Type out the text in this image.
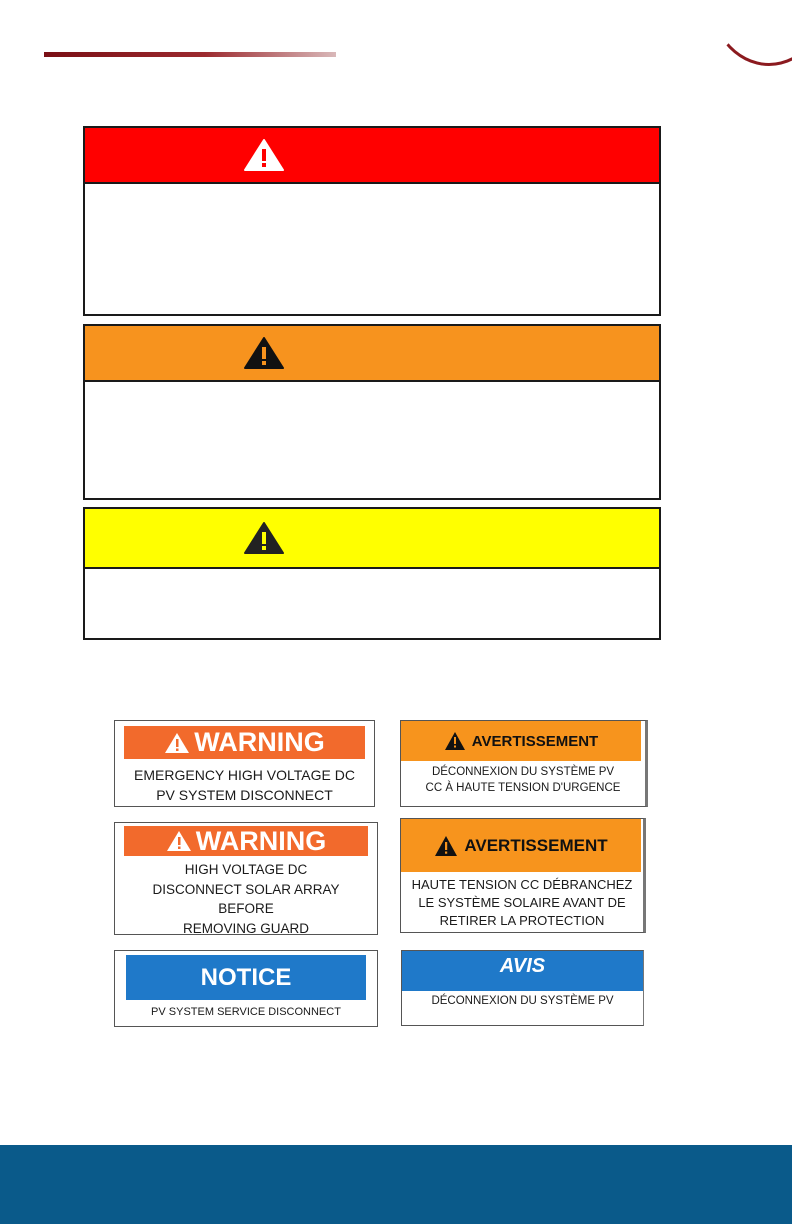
WARNING
EMERGENCY HIGH VOLTAGE DC
PV SYSTEM DISCONNECT
AVERTISSEMENT
DÉCONNEXION DU SYSTÈME PV
CC À HAUTE TENSION D'URGENCE
WARNING
HIGH VOLTAGE DC
DISCONNECT SOLAR ARRAY
BEFORE
REMOVING GUARD
AVERTISSEMENT
HAUTE TENSION CC DÉBRANCHEZ
LE SYSTÈME SOLAIRE AVANT DE
RETIRER LA PROTECTION
NOTICE
PV SYSTEM SERVICE DISCONNECT
AVIS
DÉCONNEXION DU SYSTÈME PV
